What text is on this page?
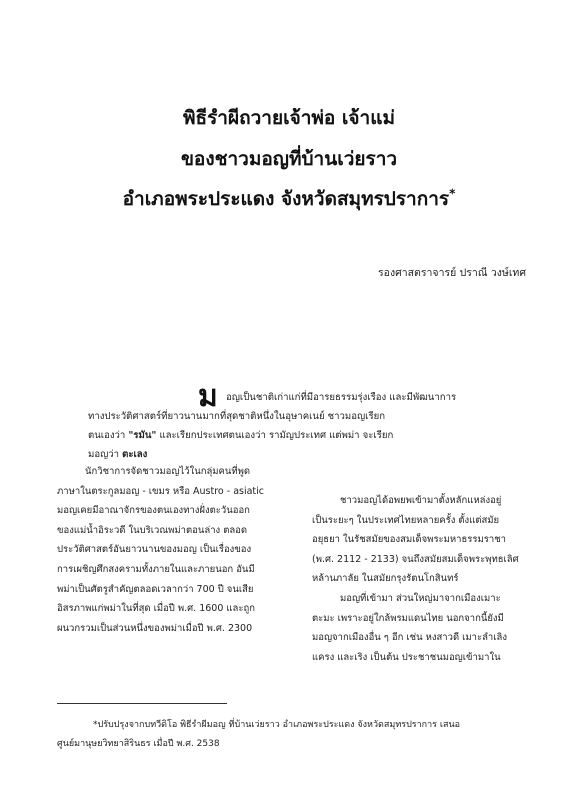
พิธีรำผีถวายเจ้าพ่อ เจ้าแม่
ของชาวมอญที่บ้านเว่ยราว
อำเภอพระประแดง จังหวัดสมุทรปราการ*
รองศาสตราจารย์ ปราณี วงษ์เทศ
ม อญเป็นชาติเก่าแก่ที่มีอารยธรรมรุ่งเรือง และมีพัฒนาการ
ทางประวัติศาสตร์ที่ยาวนานมากที่สุดชาติหนึ่งในอุษาคเนย์ ชาวมอญเรียก
ตนเองว่า "รมัน" และเรียกประเทศตนเองว่า รามัญประเทศ แต่พม่า จะเรียก
มอญว่า ตะเลง
นักวิชาการจัดชาวมอญไว้ในกลุ่มคนที่พูด
ภาษาในตระกูลมอญ - เขมร หรือ Austro - asiatic
มอญเคยมีอาณาจักรของตนเองทางฝั่งตะวันออก
ของแม่น้ำอิระวดี ในบริเวณพม่าตอนล่าง ตลอด
ประวัติศาสตร์อันยาวนานของมอญ เป็นเรื่องของ
การเผชิญศึกสงครามทั้งภายในและภายนอก อันมี
พม่าเป็นศัตรูสำคัญตลอดเวลากว่า 700 ปี จนเสีย
อิสรภาพแก่พม่าในที่สุด เมื่อปี พ.ศ. 1600 และถูก
ผนวกรวมเป็นส่วนหนึ่งของพม่าเมื่อปี พ.ศ. 2300
ชาวมอญได้อพยพเข้ามาตั้งหลักแหล่งอยู่
เป็นระยะๆ ในประเทศไทยหลายครั้ง ตั้งแต่สมัย
อยุธยา ในรัชสมัยของสมเด็จพระมหาธรรมราชา
(พ.ศ. 2112 - 2133) จนถึงสมัยสมเด็จพระพุทธเลิศ
หล้านภาลัย ในสมัยกรุงรัตนโกสินทร์
มอญที่เข้ามา ส่วนใหญ่มาจากเมืองเมาะ
ตะมะ เพราะอยู่ใกล้พรมแดนไทย นอกจากนี้ยังมี
มอญจากเมืองอื่น ๆ อีก เช่น หงสาวดี เมาะลำเลิง
แครง และเริง เป็นต้น ประชาชนมอญเข้ามาใน
*ปรับปรุงจากบทวีดิโอ พิธีรำผีมอญ ที่บ้านเว่ยราว อำเภอพระประแดง จังหวัดสมุทรปราการ เสนอ
ศูนย์มานุษยวิทยาสิรินธร เมื่อปี พ.ศ. 2538
